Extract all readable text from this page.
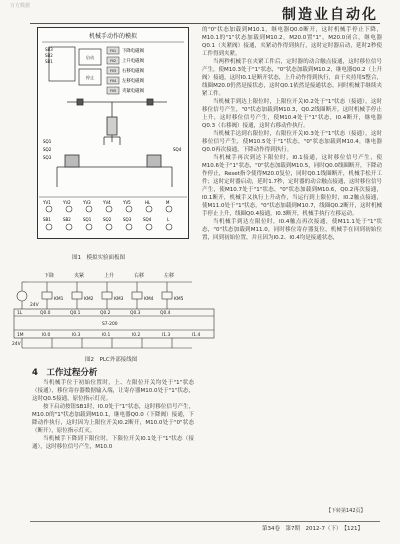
万方数据
制造业自动化
机械手动作的模拟
SB3
SB2
SB1
启动
停止
YV1
YV2
YV3
YV4
YV5
下降电磁阀
上升电磁阀
右移电磁阀
左移电磁阀
夹紧电磁阀
SQ1
SQ2
SQ3
SQ4
YV1	YV2	YV3	YV4	YV5	HL	M
SB1	SB2	SQ1	SQ2	SQ3	SQ4	L
图1　模拟实验面板图
下降	夹紧	上升	右移	左移
KM1	KM2	KM3	KM4	KM5
24V
1L	Q0.0	Q0.1	Q0.2	Q0.3	Q0.4
S7-200
1M	I0.0	I0.3	I0.1	I0.2	I1.3	I1.4
24V
图2　PLC外部接线图

的"0"状态加载到M10.1，继电器Q0.0断开，这时机械手停止下降，M10.1的"1"状态加载到M10.2，M20.0置"1"，M20.0闭合，继电器Q0.1（夹紧阀）接通，夹紧动作得到执行，这时定时器启动，延时2秒使工件得到夹紧。

当两秒机械手在夹紧工件后，定时器的动合触点接通，这时移位信号产生，使M10.3处于"1"状态，"0"状态加载到M10.2，继电器Q0.2（上升阀）接通，这时I0.1是断开状态，上升动作得到执行，由于夹持用S整合，线圈M20.0仍然是接状态，这时Q0.1依然是接通状态，同时机械手继续夹紧工件。

当机械手到达上限位时，上限位开关I0.2处于"1"状态（接通），这时移位信号产生，"0"状态加载到M10.3，Q0.2线圈断开，这时机械手停止上升，这时移位信号产生，使M10.4处于"1"状态，I0.4断开，继电器Q0.3（右移阀）接通，这时右移动作执行。

当机械手达到右限位时，右限位开关I0.3处于"1"状态（接通），这时移位信号产生，使M10.5处于"1"状态，"0"状态加载到M10.4，继电器Q0.0再次接通，下降动作得到执行。

当机械手再次到达下限位时，I0.1接通，这时移位信号产生，使M10.6处于"1"状态，"0"状态加载到M10.5，同时Q0.0线圈断开，下降动作停止，Reset指令使得M20.0复位，同时Q0.1线圈断开，机械手松开工件；这时定时器启动，延时1.7秒，定时器的动合触点接通，这时移位信号产生，使M10.7处于"1"状态，"0"状态加载到M10.6，Q0.2再次接通，I0.1断开，机械手又执行上升动作，当运行到上限位时，I0.2触点接通，使M11.0处于"1"状态，"0"状态加载到M10.7，线圈Q0.2断开，这时机械手停止上升，线圈Q0.4接通，I0.3断开，机械手执行左移运动。

当机械手到达左限位时，I0.4触点再次接通，使M11.1处于"1"状态，"0"状态加载到M11.0，同时移位寄存器复位，机械手在回到初始位置，回到初始位置，并且因为I0.2、I0.4均是接通状态，

4　工作过程分析

当机械手位于初始位置时，上、左限位开关均处于"1"状态（接通），移位寄存器数据输入端，让寄存器M10.0处于"1"状态，这时Q0.5接通，原位指示灯亮。

按下启动按钮SB1时，I0.0处于"1"状态，这时移位信号产生，M10.0的"1"状态加载到M10.1，继电器Q0.0（下降阀）接通，下降动作执行，这时因为上限位开关I0.2断开，M10.0处于"0"状态（断开），原位指示灯灭。

当机械手下降到下限位时，下限位开关I0.1处于"1"状态（接通），这时移位信号产生，M10.0

【下转第142页】
第34卷　第7期　2012-7（下）　【121】
